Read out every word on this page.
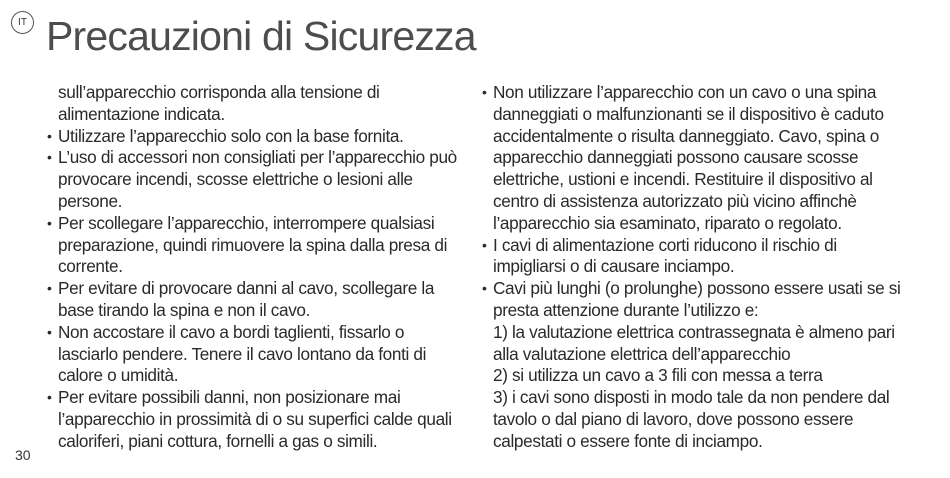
IT Precauzioni di Sicurezza
sull’apparecchio corrisponda alla tensione di alimentazione indicata.
• Utilizzare l’apparecchio solo con la base fornita.
• L’uso di accessori non consigliati per l’apparecchio può provocare incendi, scosse elettriche o lesioni alle persone.
• Per scollegare l’apparecchio, interrompere qualsiasi preparazione, quindi rimuovere la spina dalla presa di corrente.
• Per evitare di provocare danni al cavo, scollegare la base tirando la spina e non il cavo.
• Non accostare il cavo a bordi taglienti, fissarlo o lasciarlo pendere. Tenere il cavo lontano da fonti di calore o umidità.
• Per evitare possibili danni, non posizionare mai l’apparecchio in prossimità di o su superfici calde quali caloriferi, piani cottura, fornelli a gas o simili.
• Non utilizzare l’apparecchio con un cavo o una spina danneggiati o malfunzionanti se il dispositivo è caduto accidentalmente o risulta danneggiato. Cavo, spina o apparecchio danneggiati possono causare scosse elettriche, ustioni e incendi. Restituire il dispositivo al centro di assistenza autorizzato più vicino affinchè l’apparecchio sia esaminato, riparato o regolato.
• I cavi di alimentazione corti riducono il rischio di impigliarsi o di causare inciampo.
• Cavi più lunghi (o prolunghe) possono essere usati se si presta attenzione durante l’utilizzo e:
1) la valutazione elettrica contrassegnata è almeno pari alla valutazione elettrica dell’apparecchio
2) si utilizza un cavo a 3 fili con messa a terra
3) i cavi sono disposti in modo tale da non pendere dal tavolo o dal piano di lavoro, dove possono essere calpestati o essere fonte di inciampo.
30
